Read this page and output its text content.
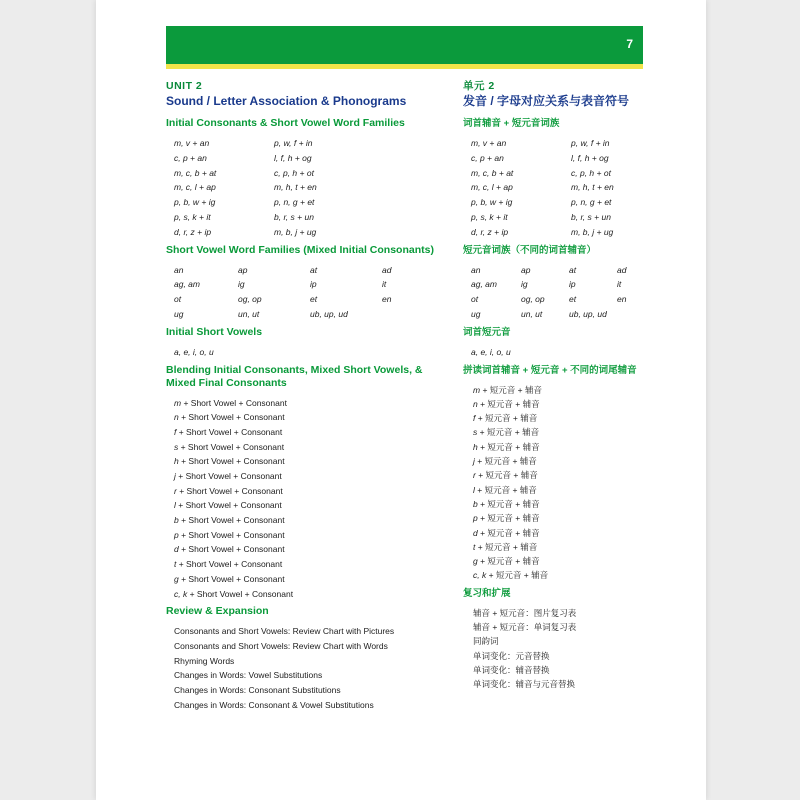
7
UNIT 2
Sound / Letter Association & Phonograms
Initial Consonants & Short Vowel Word Families
m, v + an	p, w, f + in
c, p + an	l, f, h + og
m, c, b + at	c, p, h + ot
m, c, l + ap	m, h, t + en
p, b, w + ig	p, n, g + et
p, s, k + it	b, r, s + un
d, r, z + ip	m, b, j + ug
Short Vowel Word Families (Mixed Initial Consonants)
an	ap	at	ad
ag, am	ig	ip	it
ot	og, op	et	en
ug	un, ut	ub, up, ud
Initial Short Vowels
a, e, i, o, u
Blending Initial Consonants, Mixed Short Vowels, & Mixed Final Consonants
m + Short Vowel + Consonant
n + Short Vowel + Consonant
f + Short Vowel + Consonant
s + Short Vowel + Consonant
h + Short Vowel + Consonant
j + Short Vowel + Consonant
r + Short Vowel + Consonant
l + Short Vowel + Consonant
b + Short Vowel + Consonant
p + Short Vowel + Consonant
d + Short Vowel + Consonant
t + Short Vowel + Consonant
g + Short Vowel + Consonant
c, k + Short Vowel + Consonant
Review & Expansion
Consonants and Short Vowels: Review Chart with Pictures
Consonants and Short Vowels: Review Chart with Words
Rhyming Words
Changes in Words: Vowel Substitutions
Changes in Words: Consonant Substitutions
Changes in Words: Consonant & Vowel Substitutions
单元 2
发音 / 字母对应关系与表音符号
词首辅音 + 短元音词族
m, v + an	p, w, f + in
c, p + an	l, f, h + og
m, c, b + at	c, p, h + ot
m, c, l + ap	m, h, t + en
p, b, w + ig	p, n, g + et
p, s, k + it	b, r, s + un
d, r, z + ip	m, b, j + ug
短元音词族（不同的词首辅音）
an	ap	at	ad
ag, am	ig	ip	it
ot	og, op	et	en
ug	un, ut	ub, up, ud
词首短元音
a, e, i, o, u
拼读词首辅音 + 短元音 + 不同的词尾辅音
m + 短元音 + 辅音
n + 短元音 + 辅音
f + 短元音 + 辅音
s + 短元音 + 辅音
h + 短元音 + 辅音
j + 短元音 + 辅音
r + 短元音 + 辅音
l + 短元音 + 辅音
b + 短元音 + 辅音
p + 短元音 + 辅音
d + 短元音 + 辅音
t + 短元音 + 辅音
g + 短元音 + 辅音
c, k + 短元音 + 辅音
复习和扩展
辅音 + 短元音：图片复习表
辅音 + 短元音：单词复习表
同韵词
单词变化：元音替换
单词变化：辅音替换
单词变化：辅音与元音替换
